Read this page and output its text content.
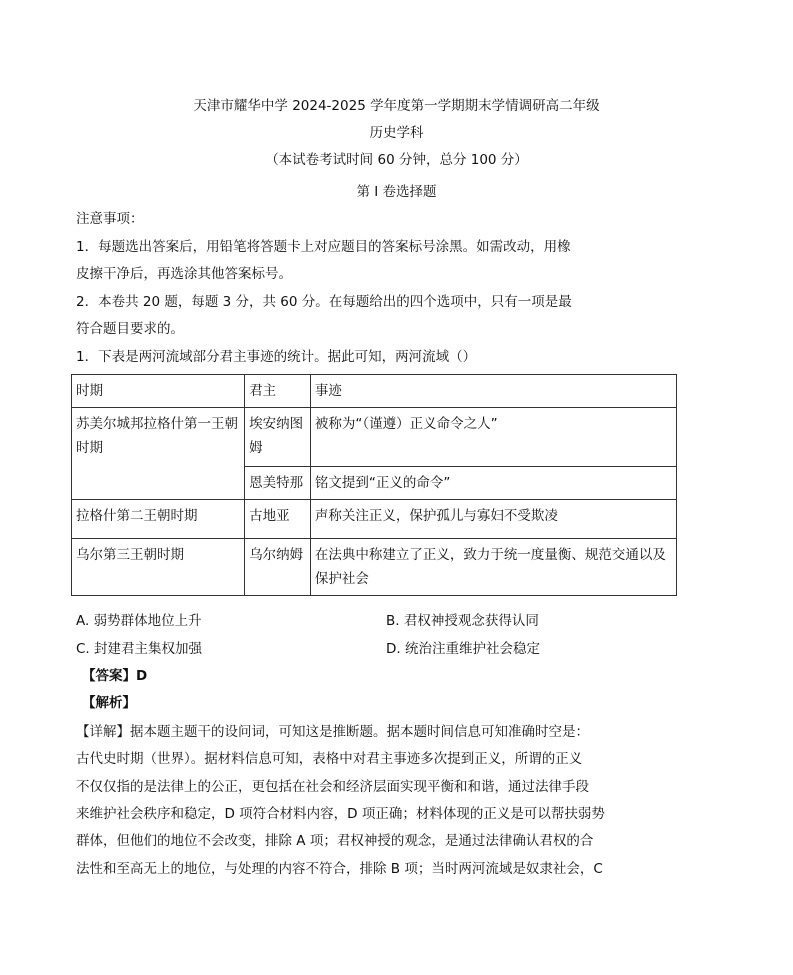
天津市耀华中学 2024-2025 学年度第一学期期末学情调研高二年级
历史学科
（本试卷考试时间 60 分钟，总分 100 分）
第 I 卷选择题
注意事项：
1．每题选出答案后，用铅笔将答题卡上对应题目的答案标号涂黑。如需改动，用橡
皮擦干净后，再选涂其他答案标号。
2．本卷共 20 题，每题 3 分，共 60 分。在每题给出的四个选项中，只有一项是最
符合题目要求的。
1．下表是两河流域部分君主事迹的统计。据此可知，两河流域（）
时期	君主	事迹
苏美尔城邦拉格什第一王朝时期	埃安纳图姆	被称为“（谨遵）正义命令之人”
	恩美特那	铭文提到“正义的命令”
拉格什第二王朝时期	古地亚	声称关注正义，保护孤儿与寡妇不受欺凌
乌尔第三王朝时期	乌尔纳姆	在法典中称建立了正义，致力于统一度量衡、规范交通以及保护社会
A. 弱势群体地位上升	B. 君权神授观念获得认同
C. 封建君主集权加强	D. 统治注重维护社会稳定
【答案】D
【解析】
【详解】据本题主题干的设问词，可知这是推断题。据本题时间信息可知准确时空是：
古代史时期（世界）。据材料信息可知，表格中对君主事迹多次提到正义，所谓的正义
不仅仅指的是法律上的公正，更包括在社会和经济层面实现平衡和和谐，通过法律手段
来维护社会秩序和稳定，D 项符合材料内容，D 项正确；材料体现的正义是可以帮扶弱势
群体，但他们的地位不会改变，排除 A 项；君权神授的观念，是通过法律确认君权的合
法性和至高无上的地位，与处理的内容不符合，排除 B 项；当时两河流域是奴隶社会，C
